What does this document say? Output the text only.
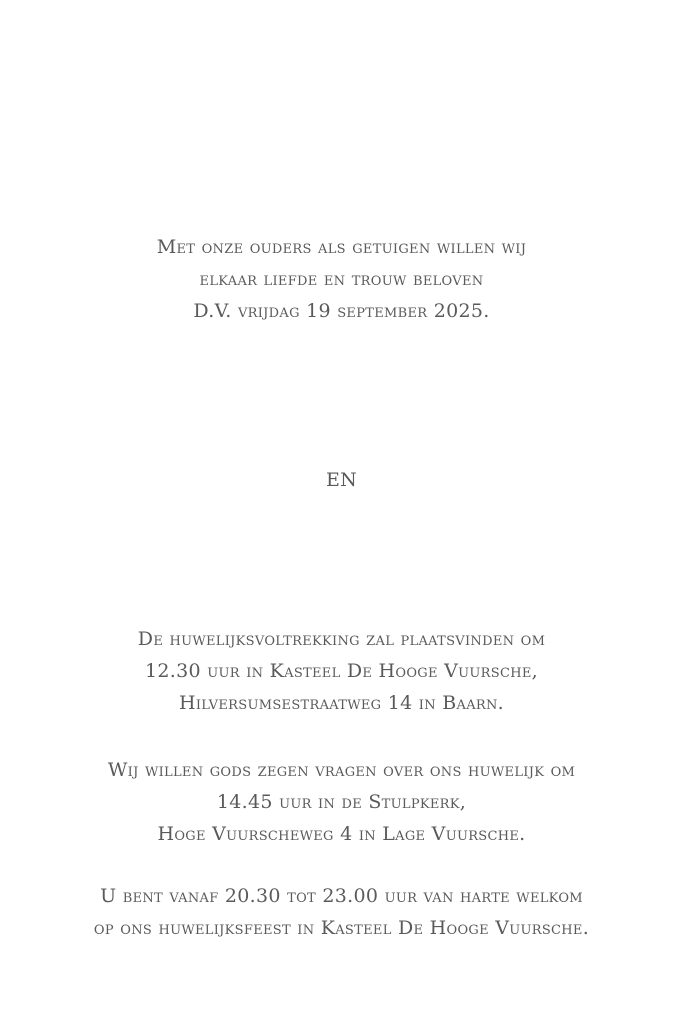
Met onze ouders als getuigen willen wij
elkaar liefde en trouw beloven
D.V. vrijdag 19 september 2025.
EN
De huwelijksvoltrekking zal plaatsvinden om
12.30 uur in Kasteel De Hooge Vuursche,
Hilversumsestraatweg 14 in Baarn.
Wij willen gods zegen vragen over ons huwelijk om
14.45 uur in de Stulpkerk,
Hoge Vuurscheweg 4 in Lage Vuursche.
U bent vanaf 20.30 tot 23.00 uur van harte welkom
op ons huwelijksfeest in Kasteel De Hooge Vuursche.
